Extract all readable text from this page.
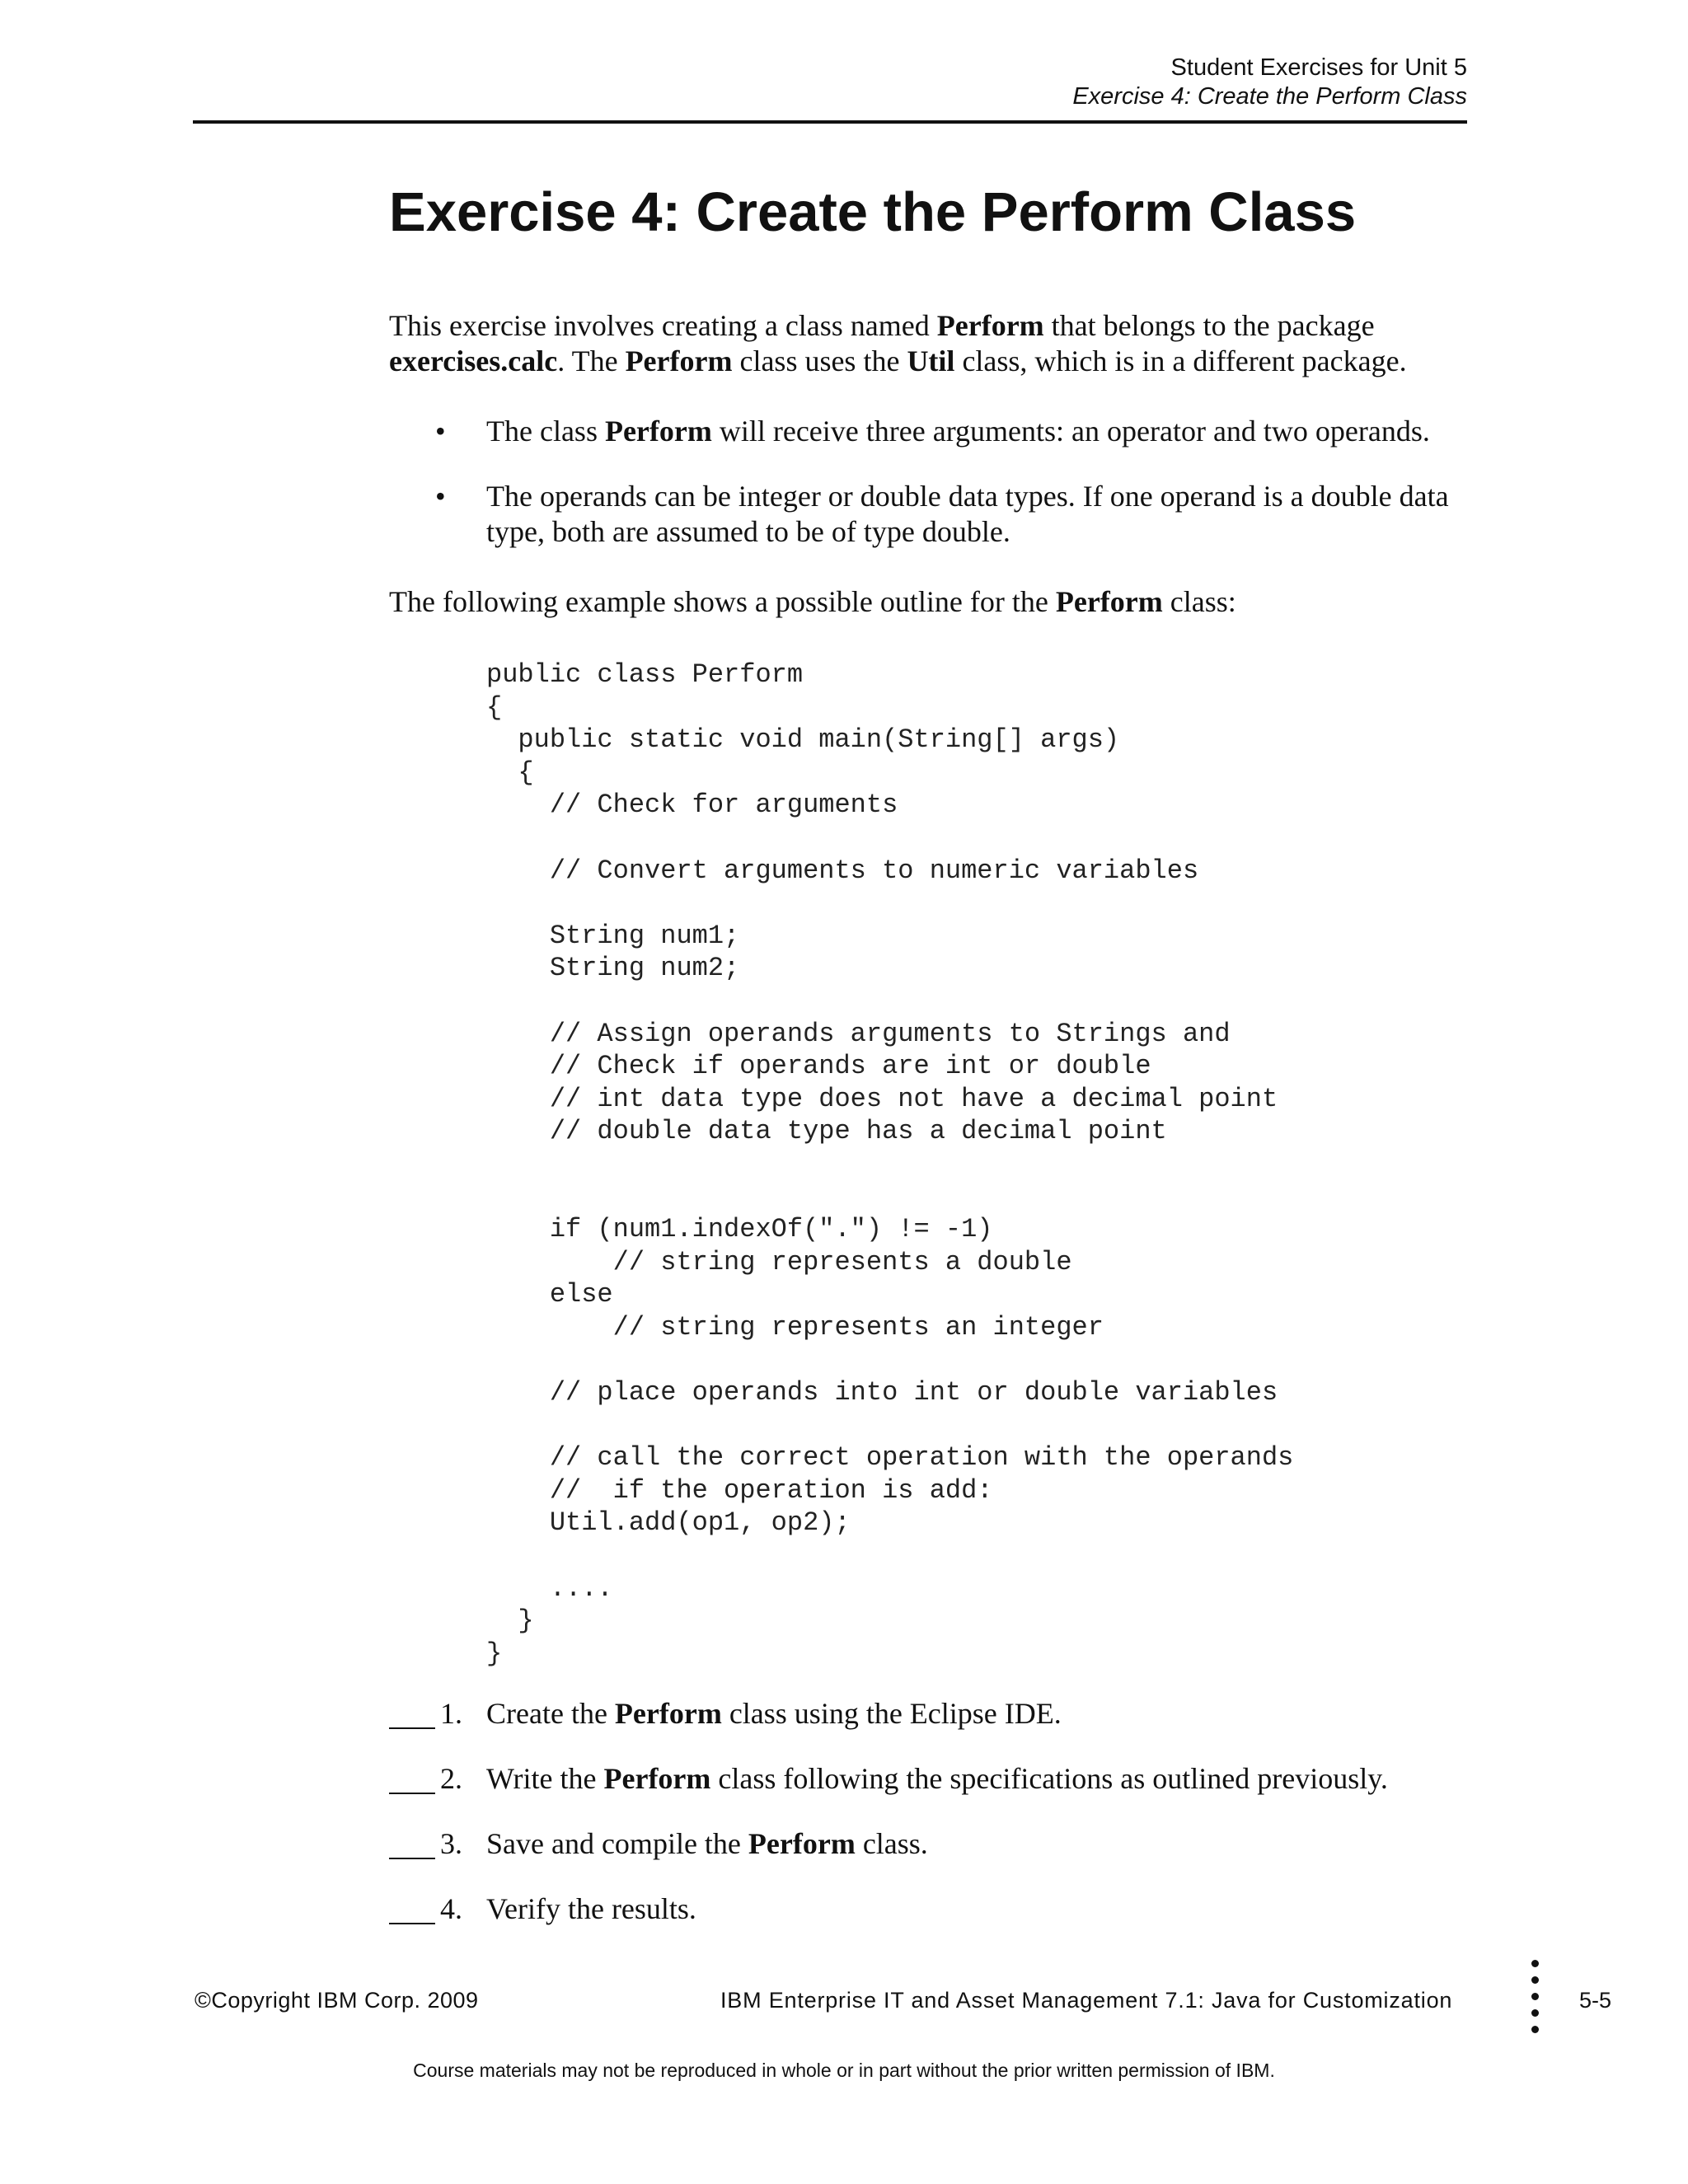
Student Exercises for Unit 5
Exercise 4: Create the Perform Class
Exercise 4: Create the Perform Class
This exercise involves creating a class named Perform that belongs to the package exercises.calc. The Perform class uses the Util class, which is in a different package.
• The class Perform will receive three arguments: an operator and two operands.
• The operands can be integer or double data types. If one operand is a double data type, both are assumed to be of type double.
The following example shows a possible outline for the Perform class:
public class Perform
{
public static void main(String[] args)
{
// Check for arguments

// Convert arguments to numeric variables

String num1;
String num2;

// Assign operands arguments to Strings and
// Check if operands are int or double
// int data type does not have a decimal point
// double data type has a decimal point

if (num1.indexOf(".") != -1)
// string represents a double
else
// string represents an integer

// place operands into int or double variables

// call the correct operation with the operands
//  if the operation is add:
Util.add(op1, op2);

....
}
}
1. Create the Perform class using the Eclipse IDE.
2. Write the Perform class following the specifications as outlined previously.
3. Save and compile the Perform class.
4. Verify the results.
©Copyright IBM Corp. 2009	IBM Enterprise IT and Asset Management 7.1: Java for Customization	5-5
Course materials may not be reproduced in whole or in part without the prior written permission of IBM.
